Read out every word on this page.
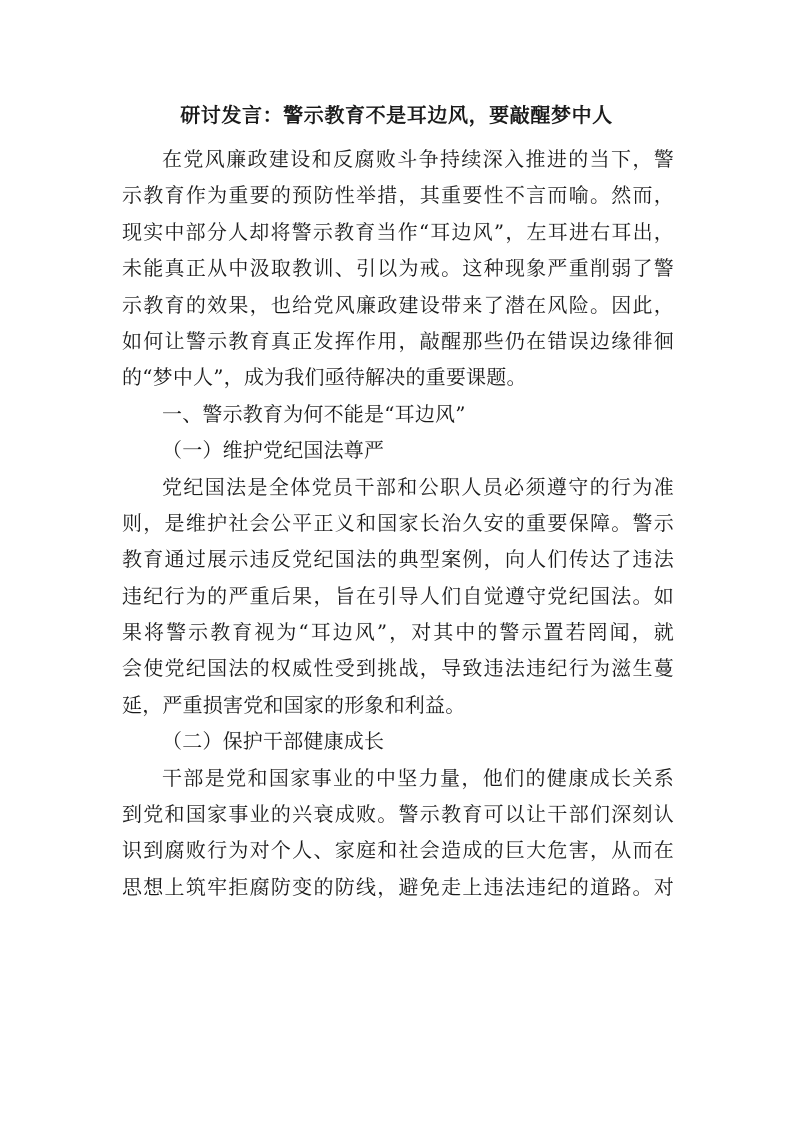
研讨发言：警示教育不是耳边风，要敲醒梦中人
在党风廉政建设和反腐败斗争持续深入推进的当下，警
示教育作为重要的预防性举措，其重要性不言而喻。然而，
现实中部分人却将警示教育当作“耳边风”，左耳进右耳出，
未能真正从中汲取教训、引以为戒。这种现象严重削弱了警
示教育的效果，也给党风廉政建设带来了潜在风险。因此，
如何让警示教育真正发挥作用，敲醒那些仍在错误边缘徘徊
的“梦中人”，成为我们亟待解决的重要课题。
一、警示教育为何不能是“耳边风”
（一）维护党纪国法尊严
党纪国法是全体党员干部和公职人员必须遵守的行为准
则，是维护社会公平正义和国家长治久安的重要保障。警示
教育通过展示违反党纪国法的典型案例，向人们传达了违法
违纪行为的严重后果，旨在引导人们自觉遵守党纪国法。如
果将警示教育视为“耳边风”，对其中的警示置若罔闻，就
会使党纪国法的权威性受到挑战，导致违法违纪行为滋生蔓
延，严重损害党和国家的形象和利益。
（二）保护干部健康成长
干部是党和国家事业的中坚力量，他们的健康成长关系
到党和国家事业的兴衰成败。警示教育可以让干部们深刻认
识到腐败行为对个人、家庭和社会造成的巨大危害，从而在
思想上筑牢拒腐防变的防线，避免走上违法违纪的道路。对
